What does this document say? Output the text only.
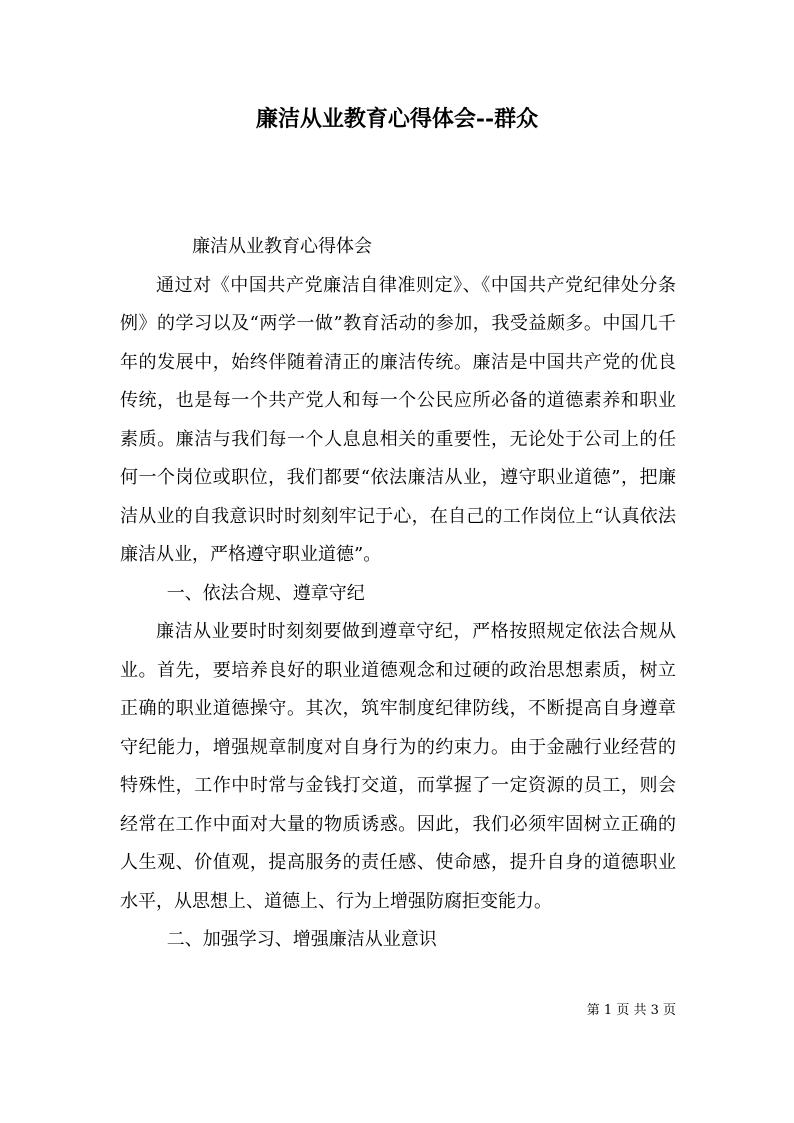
廉洁从业教育心得体会--群众

廉洁从业教育心得体会

通过对《中国共产党廉洁自律准则定》、《中国共产党纪律处分条例》的学习以及“两学一做”教育活动的参加，我受益颇多。中国几千年的发展中，始终伴随着清正的廉洁传统。廉洁是中国共产党的优良传统，也是每一个共产党人和每一个公民应所必备的道德素养和职业素质。廉洁与我们每一个人息息相关的重要性，无论处于公司上的任何一个岗位或职位，我们都要“依法廉洁从业，遵守职业道德”，把廉洁从业的自我意识时时刻刻牢记于心，在自己的工作岗位上“认真依法廉洁从业，严格遵守职业道德”。

一、依法合规、遵章守纪

廉洁从业要时时刻刻要做到遵章守纪，严格按照规定依法合规从业。首先，要培养良好的职业道德观念和过硬的政治思想素质，树立正确的职业道德操守。其次，筑牢制度纪律防线，不断提高自身遵章守纪能力，增强规章制度对自身行为的约束力。由于金融行业经营的特殊性，工作中时常与金钱打交道，而掌握了一定资源的员工，则会经常在工作中面对大量的物质诱惑。因此，我们必须牢固树立正确的人生观、价值观，提高服务的责任感、使命感，提升自身的道德职业水平，从思想上、道德上、行为上增强防腐拒变能力。

二、加强学习、增强廉洁从业意识

第 1 页 共 3 页
